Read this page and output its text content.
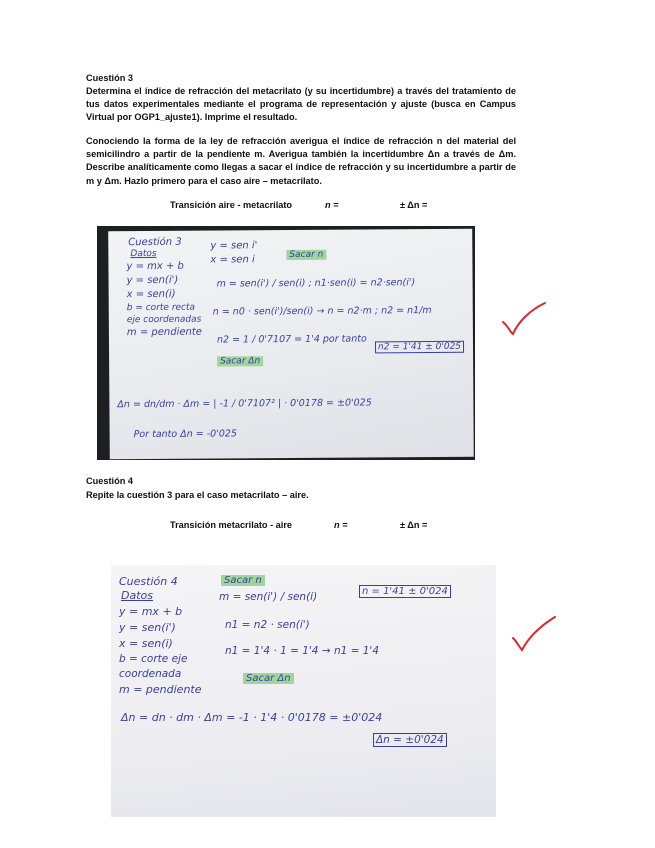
Cuestión 3
Determina el índice de refracción del metacrilato (y su incertidumbre) a través del tratamiento de tus datos experimentales mediante el programa de representación y ajuste (busca en Campus Virtual por OGP1_ajuste1). Imprime el resultado.
Conociendo la forma de la ley de refracción averigua el índice de refracción n del material del semicilindro a partir de la pendiente m. Averigua también la incertidumbre Δn a través de Δm. Describe analíticamente como llegas a sacar el índice de refracción y su incertidumbre a partir de m y Δm. Hazlo primero para el caso aire – metacrilato.
Transición aire - metacrilato	n =	± Δn =
Cuestión 3
Datos
y = mx + b
y = sen(i')
x = sen(i)
b = corte recta
eje coordenadas
m = pendiente
y = sen i'
x = sen i	Sacar n
m = sen(i') / sen(i) ; n1·sen(i) = n2·sen(i')
n = n0 · sen(i')/sen(i) → n = n2·m ; n2 = n1/m
n2 = 1 / 0'7107 = 1'4 por tanto
n2 = 1'41 ± 0'025
Sacar Δn
Δn = dn/dm · Δm = | -1 / 0'7107² | · 0'0178 = ±0'025
Por tanto Δn = -0'025
Cuestión 4
Repite la cuestión 3 para el caso metacrilato – aire.
Transición metacrilato - aire	n =	± Δn =
Cuestión 4
Datos
y = mx + b
y = sen(i')
x = sen(i)
b = corte eje
coordenada
m = pendiente
Sacar n
m = sen(i') / sen(i)	n = 1'41 ± 0'024
n1 = n2 · sen(i')
n1 = 1'4 · 1 = 1'4 → n1 = 1'4
Sacar Δn
Δn = dn · dm · Δm = -1 · 1'4 · 0'0178 = ±0'024
Δn = ±0'024
